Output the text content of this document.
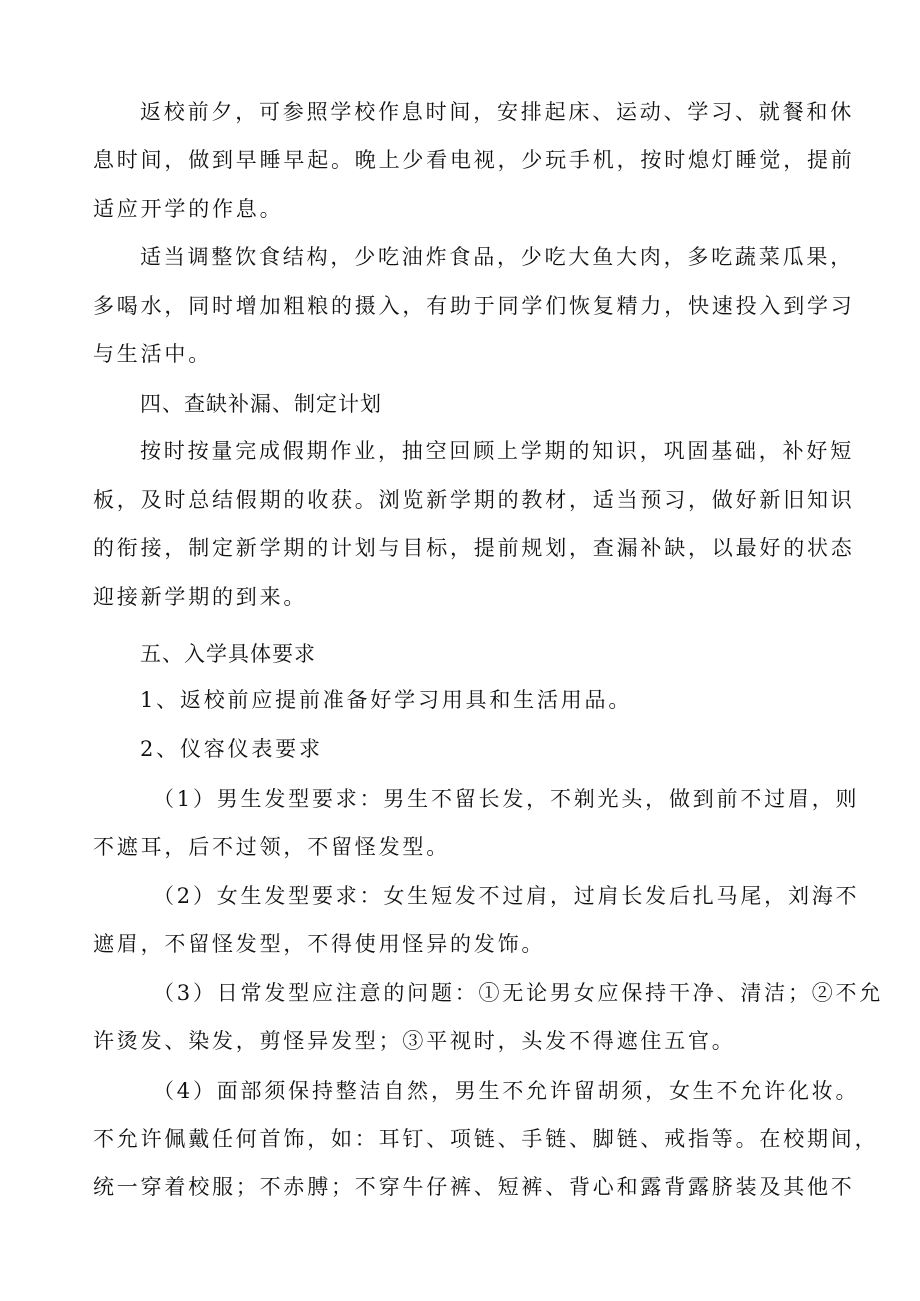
返校前夕，可参照学校作息时间，安排起床、运动、学习、就餐和休
息时间，做到早睡早起。晚上少看电视，少玩手机，按时熄灯睡觉，提前
适应开学的作息。
适当调整饮食结构，少吃油炸食品，少吃大鱼大肉，多吃蔬菜瓜果，
多喝水，同时增加粗粮的摄入，有助于同学们恢复精力，快速投入到学习
与生活中。
四、查缺补漏、制定计划
按时按量完成假期作业，抽空回顾上学期的知识，巩固基础，补好短
板，及时总结假期的收获。浏览新学期的教材，适当预习，做好新旧知识
的衔接，制定新学期的计划与目标，提前规划，查漏补缺，以最好的状态
迎接新学期的到来。
五、入学具体要求
1、返校前应提前准备好学习用具和生活用品。
2、仪容仪表要求
（1）男生发型要求：男生不留长发，不剃光头，做到前不过眉，则
不遮耳，后不过领，不留怪发型。
（2）女生发型要求：女生短发不过肩，过肩长发后扎马尾，刘海不
遮眉，不留怪发型，不得使用怪异的发饰。
（3）日常发型应注意的问题：①无论男女应保持干净、清洁；②不允
许烫发、染发，剪怪异发型；③平视时，头发不得遮住五官。
（4）面部须保持整洁自然，男生不允许留胡须，女生不允许化妆。
不允许佩戴任何首饰，如：耳钉、项链、手链、脚链、戒指等。在校期间，
统一穿着校服；不赤膊；不穿牛仔裤、短裤、背心和露背露脐装及其他不
